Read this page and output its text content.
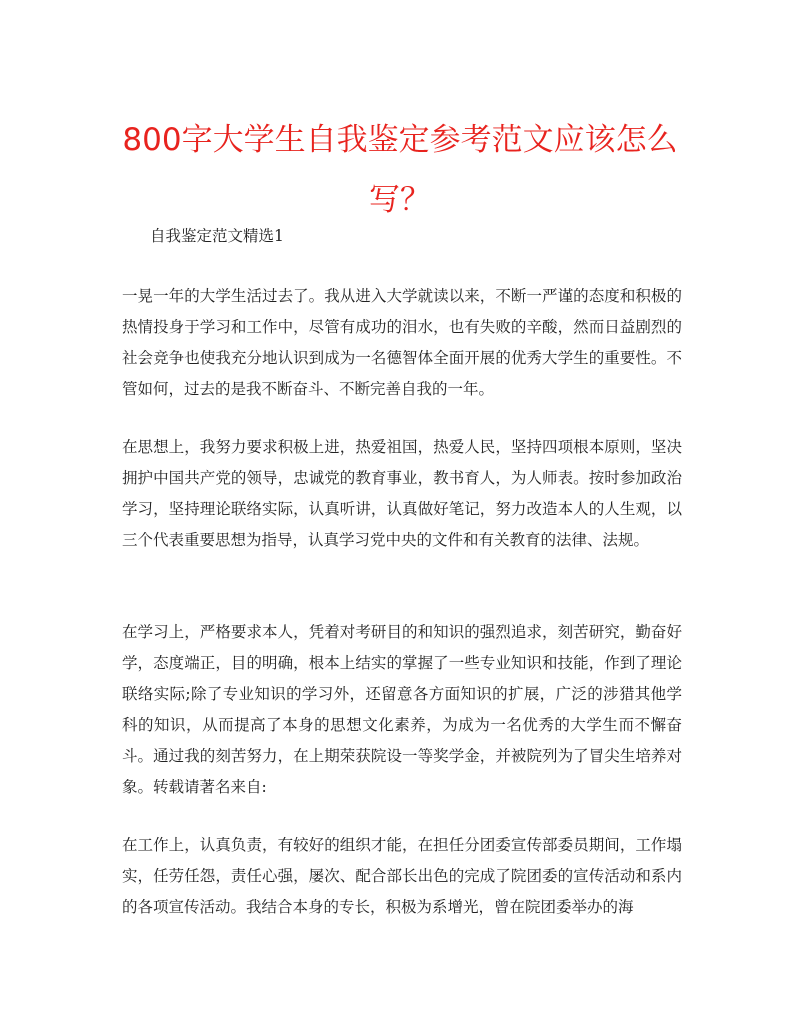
800字大学生自我鉴定参考范文应该怎么写？

自我鉴定范文精选1

一晃一年的大学生活过去了。我从进入大学就读以来，不断一严谨的态度和积极的热情投身于学习和工作中，尽管有成功的泪水，也有失败的辛酸，然而日益剧烈的社会竞争也使我充分地认识到成为一名德智体全面开展的优秀大学生的重要性。不管如何，过去的是我不断奋斗、不断完善自我的一年。

在思想上，我努力要求积极上进，热爱祖国，热爱人民，坚持四项根本原则，坚决拥护中国共产党的领导，忠诚党的教育事业，教书育人，为人师表。按时参加政治学习，坚持理论联络实际，认真听讲，认真做好笔记，努力改造本人的人生观，以三个代表重要思想为指导，认真学习党中央的文件和有关教育的法律、法规。

在学习上，严格要求本人，凭着对考研目的和知识的强烈追求，刻苦研究，勤奋好学，态度端正，目的明确，根本上结实的掌握了一些专业知识和技能，作到了理论联络实际;除了专业知识的学习外，还留意各方面知识的扩展，广泛的涉猎其他学科的知识，从而提高了本身的思想文化素养，为成为一名优秀的大学生而不懈奋斗。通过我的刻苦努力，在上期荣获院设一等奖学金，并被院列为了冒尖生培养对象。转载请著名来自:

在工作上，认真负责，有较好的组织才能，在担任分团委宣传部委员期间，工作塌实，任劳任怨，责任心强，屡次、配合部长出色的完成了院团委的宣传活动和系内的各项宣传活动。我结合本身的专长，积极为系增光，曾在院团委举办的海
